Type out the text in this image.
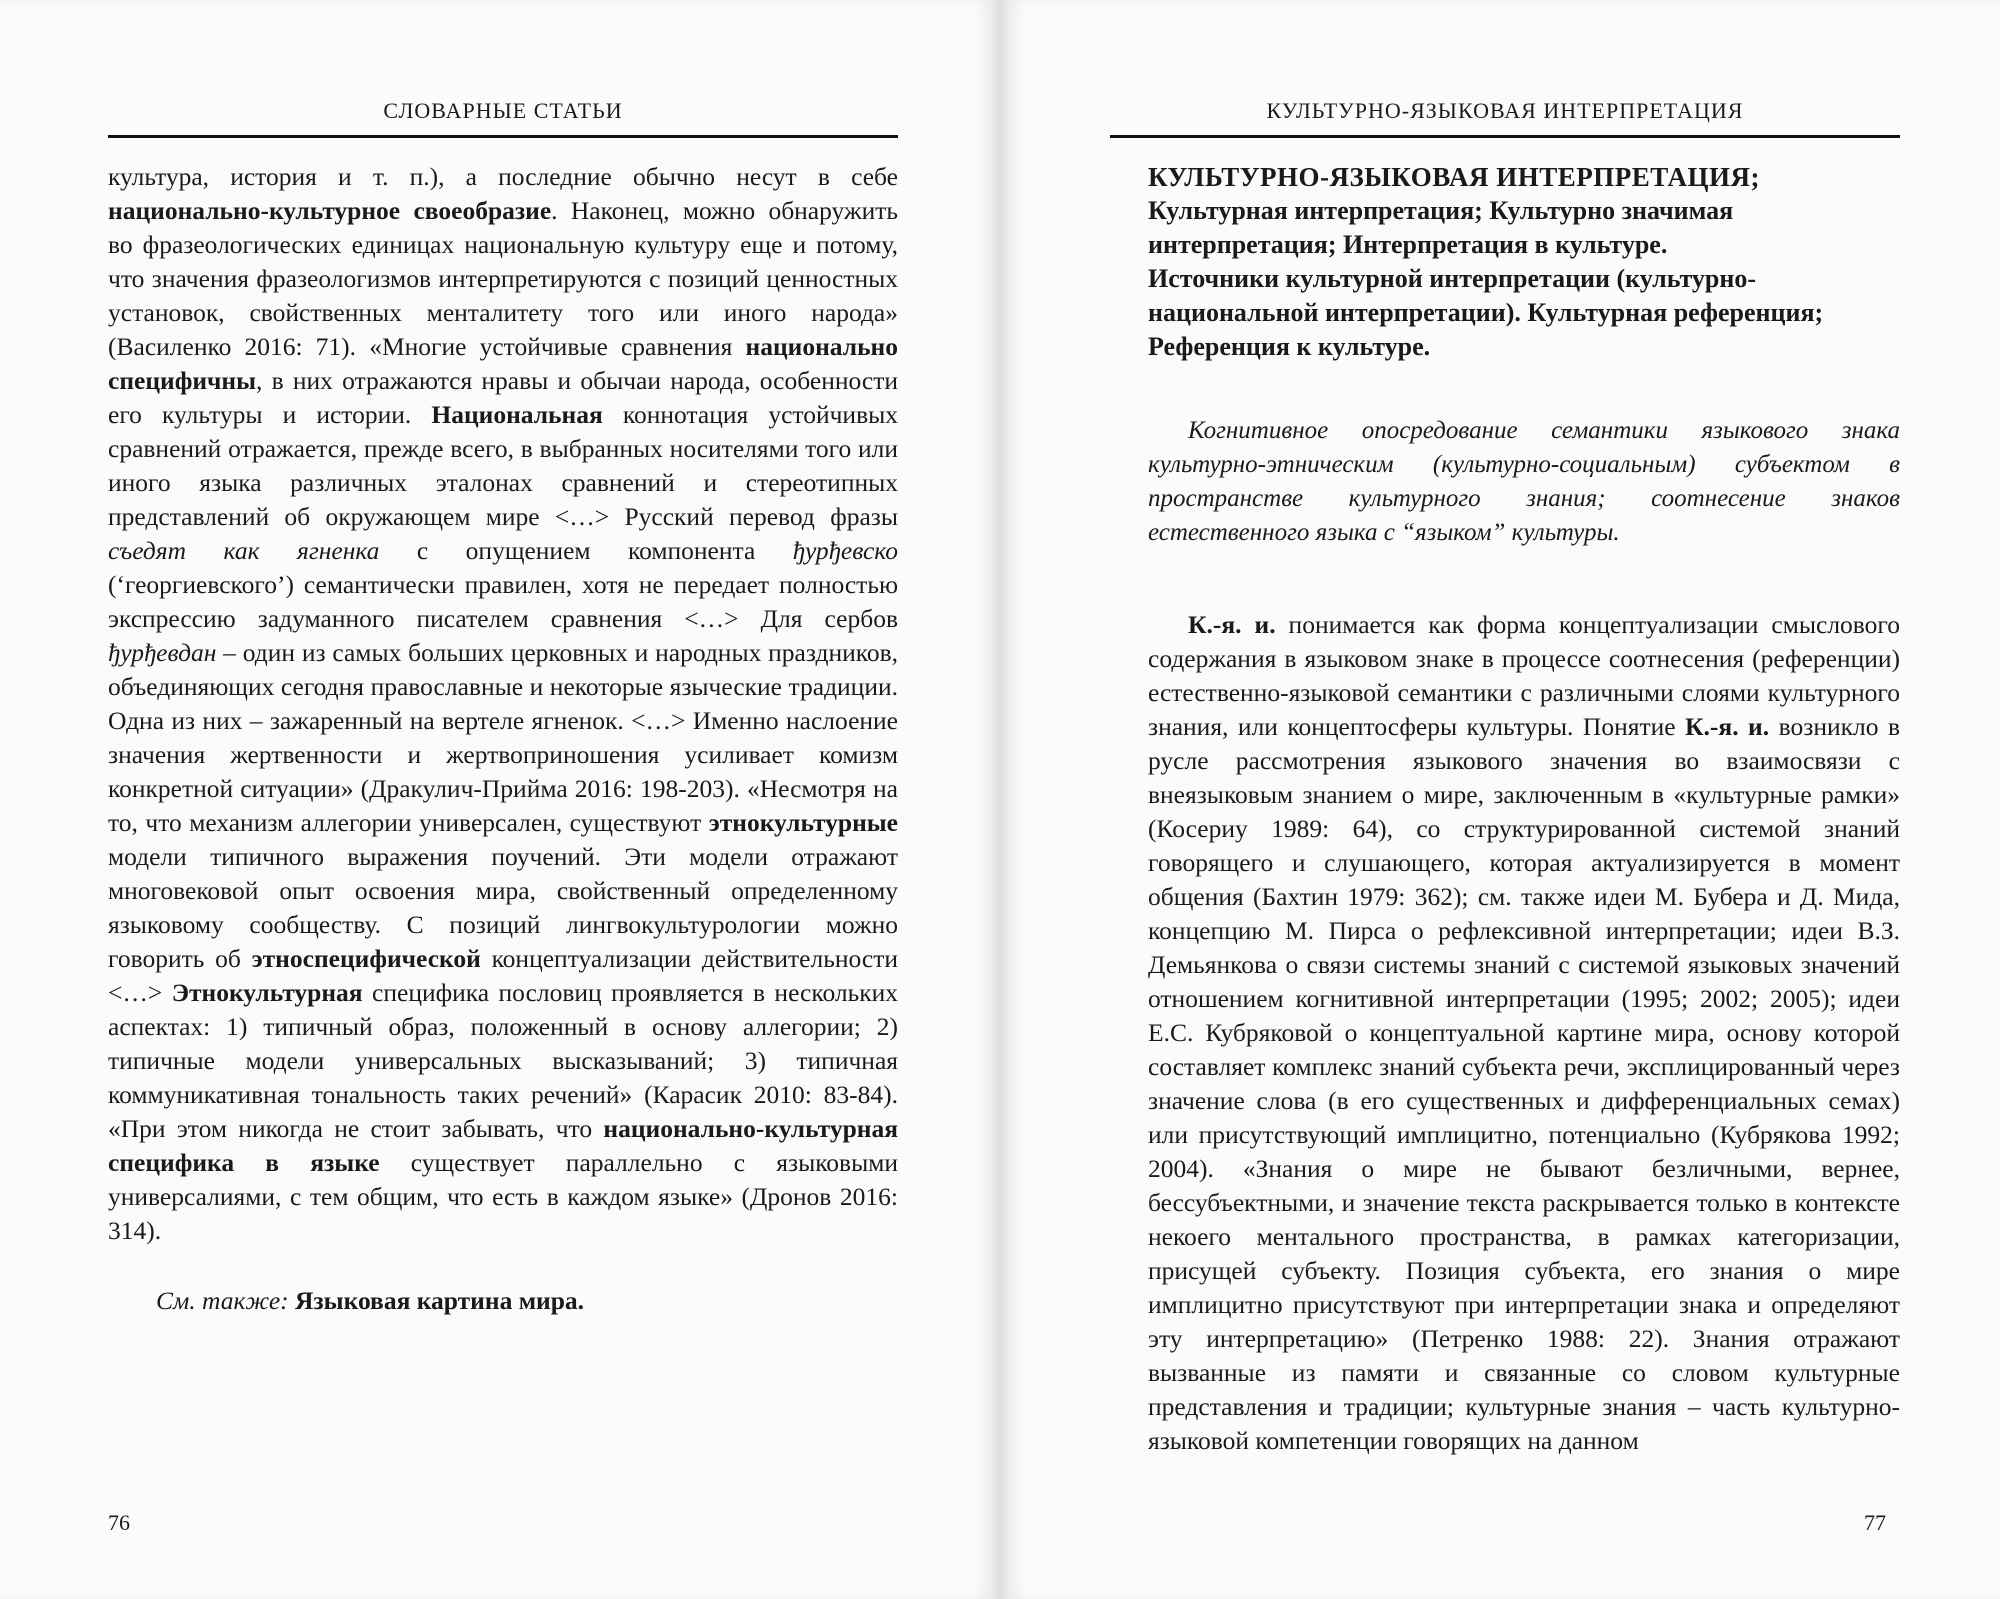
СЛОВАРНЫЕ СТАТЬИ

культура, история и т. п.), а последние обычно несут в себе национально-культурное своеобразие. Наконец, можно обнаружить во фразеологических единицах национальную культуру еще и потому, что значения фразеологизмов интерпретируются с позиций ценностных установок, свойственных менталитету того или иного народа» (Василенко 2016: 71). «Многие устойчивые сравнения национально специфичны, в них отражаются нравы и обычаи народа, особенности его культуры и истории. Национальная коннотация устойчивых сравнений отражается, прежде всего, в выбранных носителями того или иного языка различных эталонах сравнений и стереотипных представлений об окружающем мире <…> Русский перевод фразы съедят как ягненка с опущением компонента ђурђевско (‘георгиевского’) семантически правилен, хотя не передает полностью экспрессию задуманного писателем сравнения <…> Для сербов ђурђевдан – один из самых больших церковных и народных праздников, объединяющих сегодня православные и некоторые языческие традиции. Одна из них – зажаренный на вертеле ягненок. <…> Именно наслоение значения жертвенности и жертвоприношения усиливает комизм конкретной ситуации» (Дракулич-Прийма 2016: 198-203). «Несмотря на то, что механизм аллегории универсален, существуют этнокультурные модели типичного выражения поучений. Эти модели отражают многовековой опыт освоения мира, свойственный определенному языковому сообществу. С позиций лингвокультурологии можно говорить об этноспецифической концептуализации действительности <…> Этнокультурная специфика пословиц проявляется в нескольких аспектах: 1) типичный образ, положенный в основу аллегории; 2) типичные модели универсальных высказываний; 3) типичная коммуникативная тональность таких речений» (Карасик 2010: 83-84). «При этом никогда не стоит забывать, что национально-культурная специфика в языке существует параллельно с языковыми универсалиями, с тем общим, что есть в каждом языке» (Дронов 2016: 314).

См. также: Языковая картина мира.

76
КУЛЬТУРНО-ЯЗЫКОВАЯ ИНТЕРПРЕТАЦИЯ
КУЛЬТУРНО-ЯЗЫКОВАЯ ИНТЕРПРЕТАЦИЯ;
Культурная интерпретация; Культурно значимая интерпретация; Интерпретация в культуре.
Источники культурной интерпретации (культурно-национальной интерпретации). Культурная референция; Референция к культуре.

Когнитивное опосредование семантики языкового знака культурно-этническим (культурно-социальным) субъектом в пространстве культурного знания; соотнесение знаков естественного языка с “языком” культуры.

К.-я. и. понимается как форма концептуализации смыслового содержания в языковом знаке в процессе соотнесения (референции) естественно-языковой семантики с различными слоями культурного знания, или концептосферы культуры. Понятие К.-я. и. возникло в русле рассмотрения языкового значения во взаимосвязи с внеязыковым знанием о мире, заключенным в «культурные рамки» (Косериу 1989: 64), со структурированной системой знаний говорящего и слушающего, которая актуализируется в момент общения (Бахтин 1979: 362); см. также идеи М. Бубера и Д. Мида, концепцию М. Пирса о рефлексивной интерпретации; идеи В.З. Демьянкова о связи системы знаний с системой языковых значений отношением когнитивной интерпретации (1995; 2002; 2005); идеи Е.С. Кубряковой о концептуальной картине мира, основу которой составляет комплекс знаний субъекта речи, эксплицированный через значение слова (в его существенных и дифференциальных семах) или присутствующий имплицитно, потенциально (Кубрякова 1992; 2004). «Знания о мире не бывают безличными, вернее, бессубъектными, и значение текста раскрывается только в контексте некоего ментального пространства, в рамках категоризации, присущей субъекту. Позиция субъекта, его знания о мире имплицитно присутствуют при интерпретации знака и определяют эту интерпретацию» (Петренко 1988: 22). Знания отражают вызванные из памяти и связанные со словом культурные представления и традиции; культурные знания – часть культурно-языковой компетенции говорящих на данном

77
